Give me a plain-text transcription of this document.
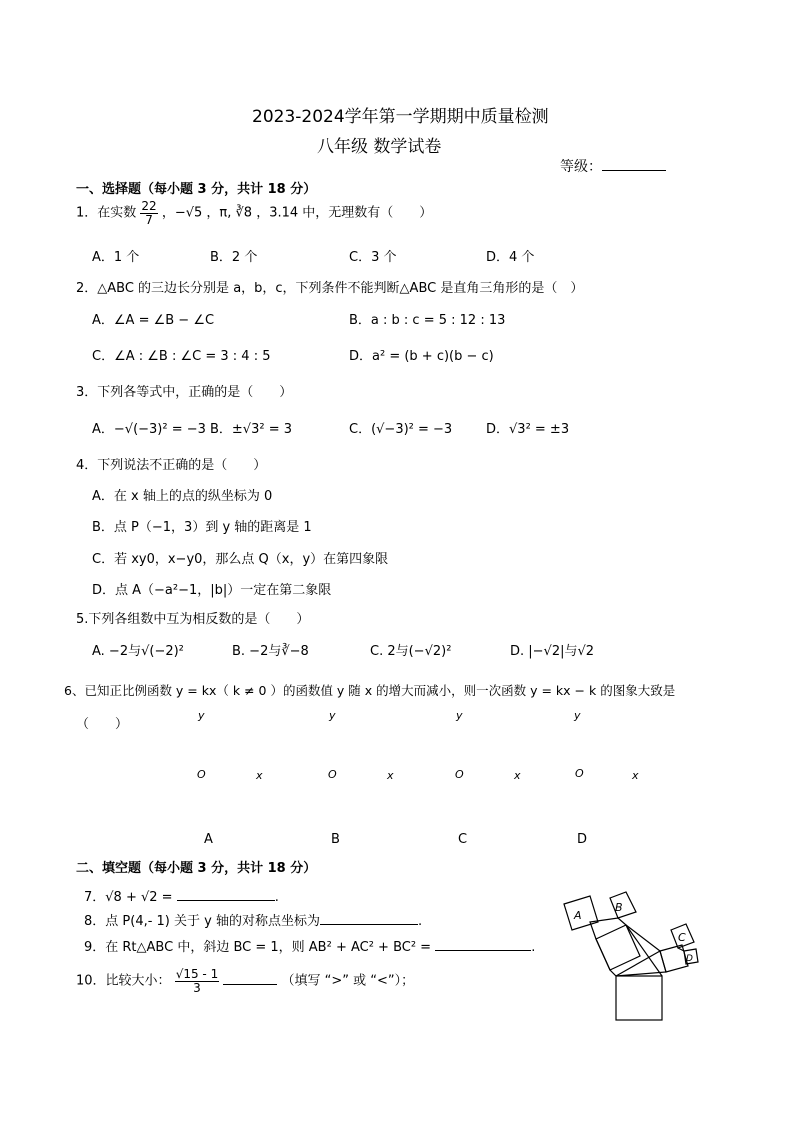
2023-2024学年第一学期期中质量检测
八年级 数学试卷
等级：
一、选择题（每小题 3 分，共计 18 分）
1．在实数 $\frac{22}{7}$ ，−√5 ，π, ∛8 ，3.14 中，无理数有（　　）
A．1 个	B．2 个	C．3 个	D．4 个
2．△ABC 的三边长分别是 a，b，c，下列条件不能判断△ABC 是直角三角形的是（　）
A．∠A = ∠B − ∠C	B．a : b : c = 5 : 12 : 13
C．∠A : ∠B : ∠C = 3 : 4 : 5	D．a² = (b + c)(b − c)
3．下列各等式中，正确的是（　　）
A．−√(−3)² = −3 B．±√3² = 3	C．(√−3)² = −3	D．√3² = ±3
4．下列说法不正确的是（　　）
A．在 x 轴上的点的纵坐标为 0
B．点 P（−1，3）到 y 轴的距离是 1
C．若 xy0，x−y0，那么点 Q（x，y）在第四象限
D．点 A（−a²−1，|b|）一定在第二象限
5.下列各组数中互为相反数的是（　　）
A. −2与√(−2)²	B. −2与∛−8	C. 2与(−√2)²	D. |−√2|与√2
6、已知正比例函数 y = kx（ k ≠ 0 ）的函数值 y 随 x 的增大而减小，则一次函数 y = kx − k 的图象大致是
（　　）
y
O	x
A
y
O	x
B
y
O	x
C
y
O	x
D
二、填空题（每小题 3 分，共计 18 分）
7．√8 + √2 =	.
8．点 P(4,- 1) 关于 y 轴的对称点坐标为	.
9．在 Rt△ABC 中，斜边 BC = 1，则 AB² + AC² + BC² =	.
10．比较大小： $\frac{√15 - 1}{3}$	（填写 “>” 或 “<”）；
A
B
C
D
